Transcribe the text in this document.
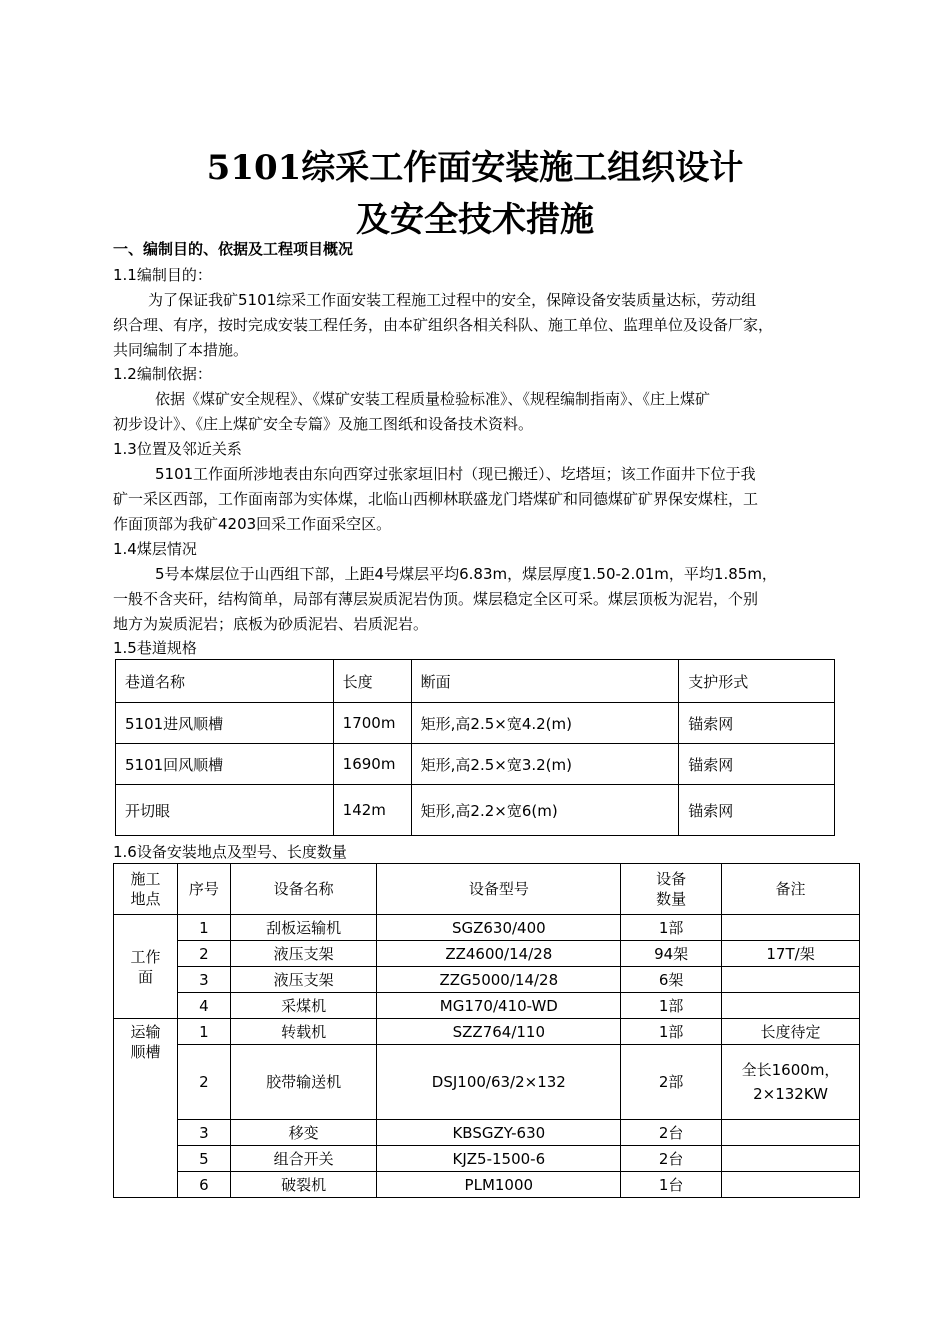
5101综采工作面安装施工组织设计
及安全技术措施
一、编制目的、依据及工程项目概况
1.1编制目的：
为了保证我矿5101综采工作面安装工程施工过程中的安全，保障设备安装质量达标，劳动组
织合理、有序，按时完成安装工程任务，由本矿组织各相关科队、施工单位、监理单位及设备厂家，
共同编制了本措施。
1.2编制依据：
依据《煤矿安全规程》、《煤矿安装工程质量检验标准》、《规程编制指南》、《庄上煤矿
初步设计》、《庄上煤矿安全专篇》及施工图纸和设备技术资料。
1.3位置及邻近关系
5101工作面所涉地表由东向西穿过张家垣旧村（现已搬迁）、圪塔垣；该工作面井下位于我
矿一采区西部，工作面南部为实体煤，北临山西柳林联盛龙门塔煤矿和同德煤矿矿界保安煤柱，工
作面顶部为我矿4203回采工作面采空区。
1.4煤层情况
5号本煤层位于山西组下部，上距4号煤层平均6.83m，煤层厚度1.50-2.01m，平均1.85m，
一般不含夹矸，结构简单，局部有薄层炭质泥岩伪顶。煤层稳定全区可采。煤层顶板为泥岩，个别
地方为炭质泥岩；底板为砂质泥岩、岩质泥岩。
1.5巷道规格
巷道名称	长度	断面	支护形式
5101进风顺槽	1700m	矩形,高2.5×宽4.2(m)	锚索网
5101回风顺槽	1690m	矩形,高2.5×宽3.2(m)	锚索网
开切眼	142m	矩形,高2.2×宽6(m)	锚索网
1.6设备安装地点及型号、长度数量
施工地点	序号	设备名称	设备型号	设备数量	备注
工作面	1	刮板运输机	SGZ630/400	1部	
	2	液压支架	ZZ4600/14/28	94架	17T/架
	3	液压支架	ZZG5000/14/28	6架	
	4	采煤机	MG170/410-WD	1部	
运输顺槽	1	转载机	SZZ764/110	1部	长度待定
	2	胶带输送机	DSJ100/63/2×132	2部	全长1600m，2×132KW
	3	移变	KBSGZY-630	2台	
	5	组合开关	KJZ5-1500-6	2台	
	6	破裂机	PLM1000	1台	
